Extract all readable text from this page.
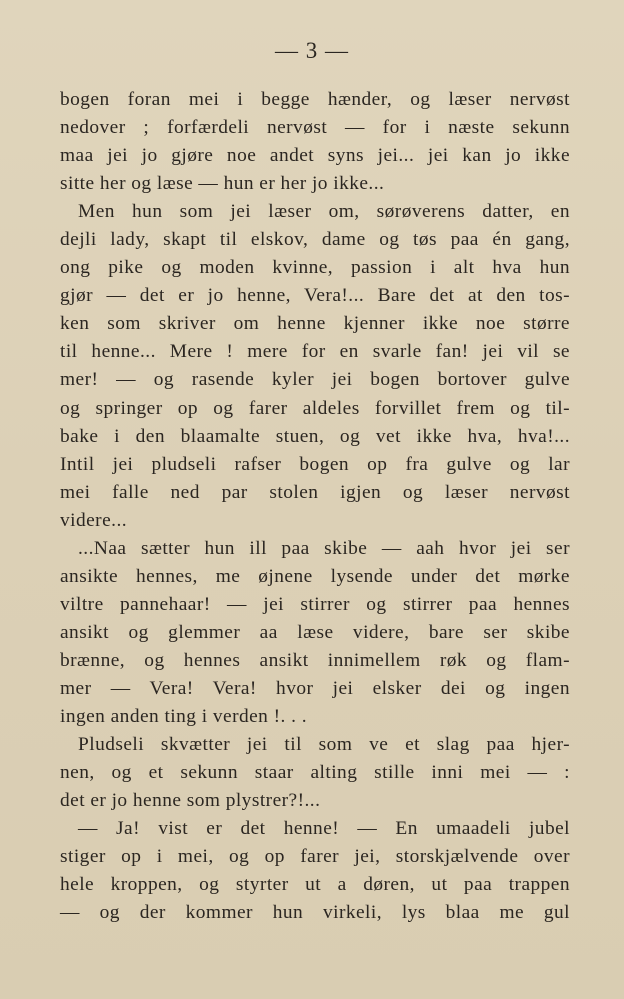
— 3 —
bogen foran mei i begge hænder, og læser nervøst
nedover ; forfærdeli nervøst — for i næste sekunn
maa jei jo gjøre noe andet syns jei... jei kan jo ikke
sitte her og læse — hun er her jo ikke...
Men hun som jei læser om, sørøverens datter, en
dejli lady, skapt til elskov, dame og tøs paa én gang,
ong pike og moden kvinne, passion i alt hva hun
gjør — det er jo henne, Vera!... Bare det at den tos-
ken som skriver om henne kjenner ikke noe større
til henne... Mere ! mere for en svarle fan! jei vil se
mer! — og rasende kyler jei bogen bortover gulve
og springer op og farer aldeles forvillet frem og til-
bake i den blaamalte stuen, og vet ikke hva, hva!...
Intil jei pludseli rafser bogen op fra gulve og lar
mei falle ned par stolen igjen og læser nervøst
videre...
...Naa sætter hun ill paa skibe — aah hvor jei ser
ansikte hennes, me øjnene lysende under det mørke
viltre pannehaar! — jei stirrer og stirrer paa hennes
ansikt og glemmer aa læse videre, bare ser skibe
brænne, og hennes ansikt innimellem røk og flam-
mer — Vera! Vera! hvor jei elsker dei og ingen
ingen anden ting i verden !. . .
Pludseli skvætter jei til som ve et slag paa hjer-
nen, og et sekunn staar alting stille inni mei — :
det er jo henne som plystrer?!...
— Ja! vist er det henne! — En umaadeli jubel
stiger op i mei, og op farer jei, storskjælvende over
hele kroppen, og styrter ut a døren, ut paa trappen
— og der kommer hun virkeli, lys blaa me gul
